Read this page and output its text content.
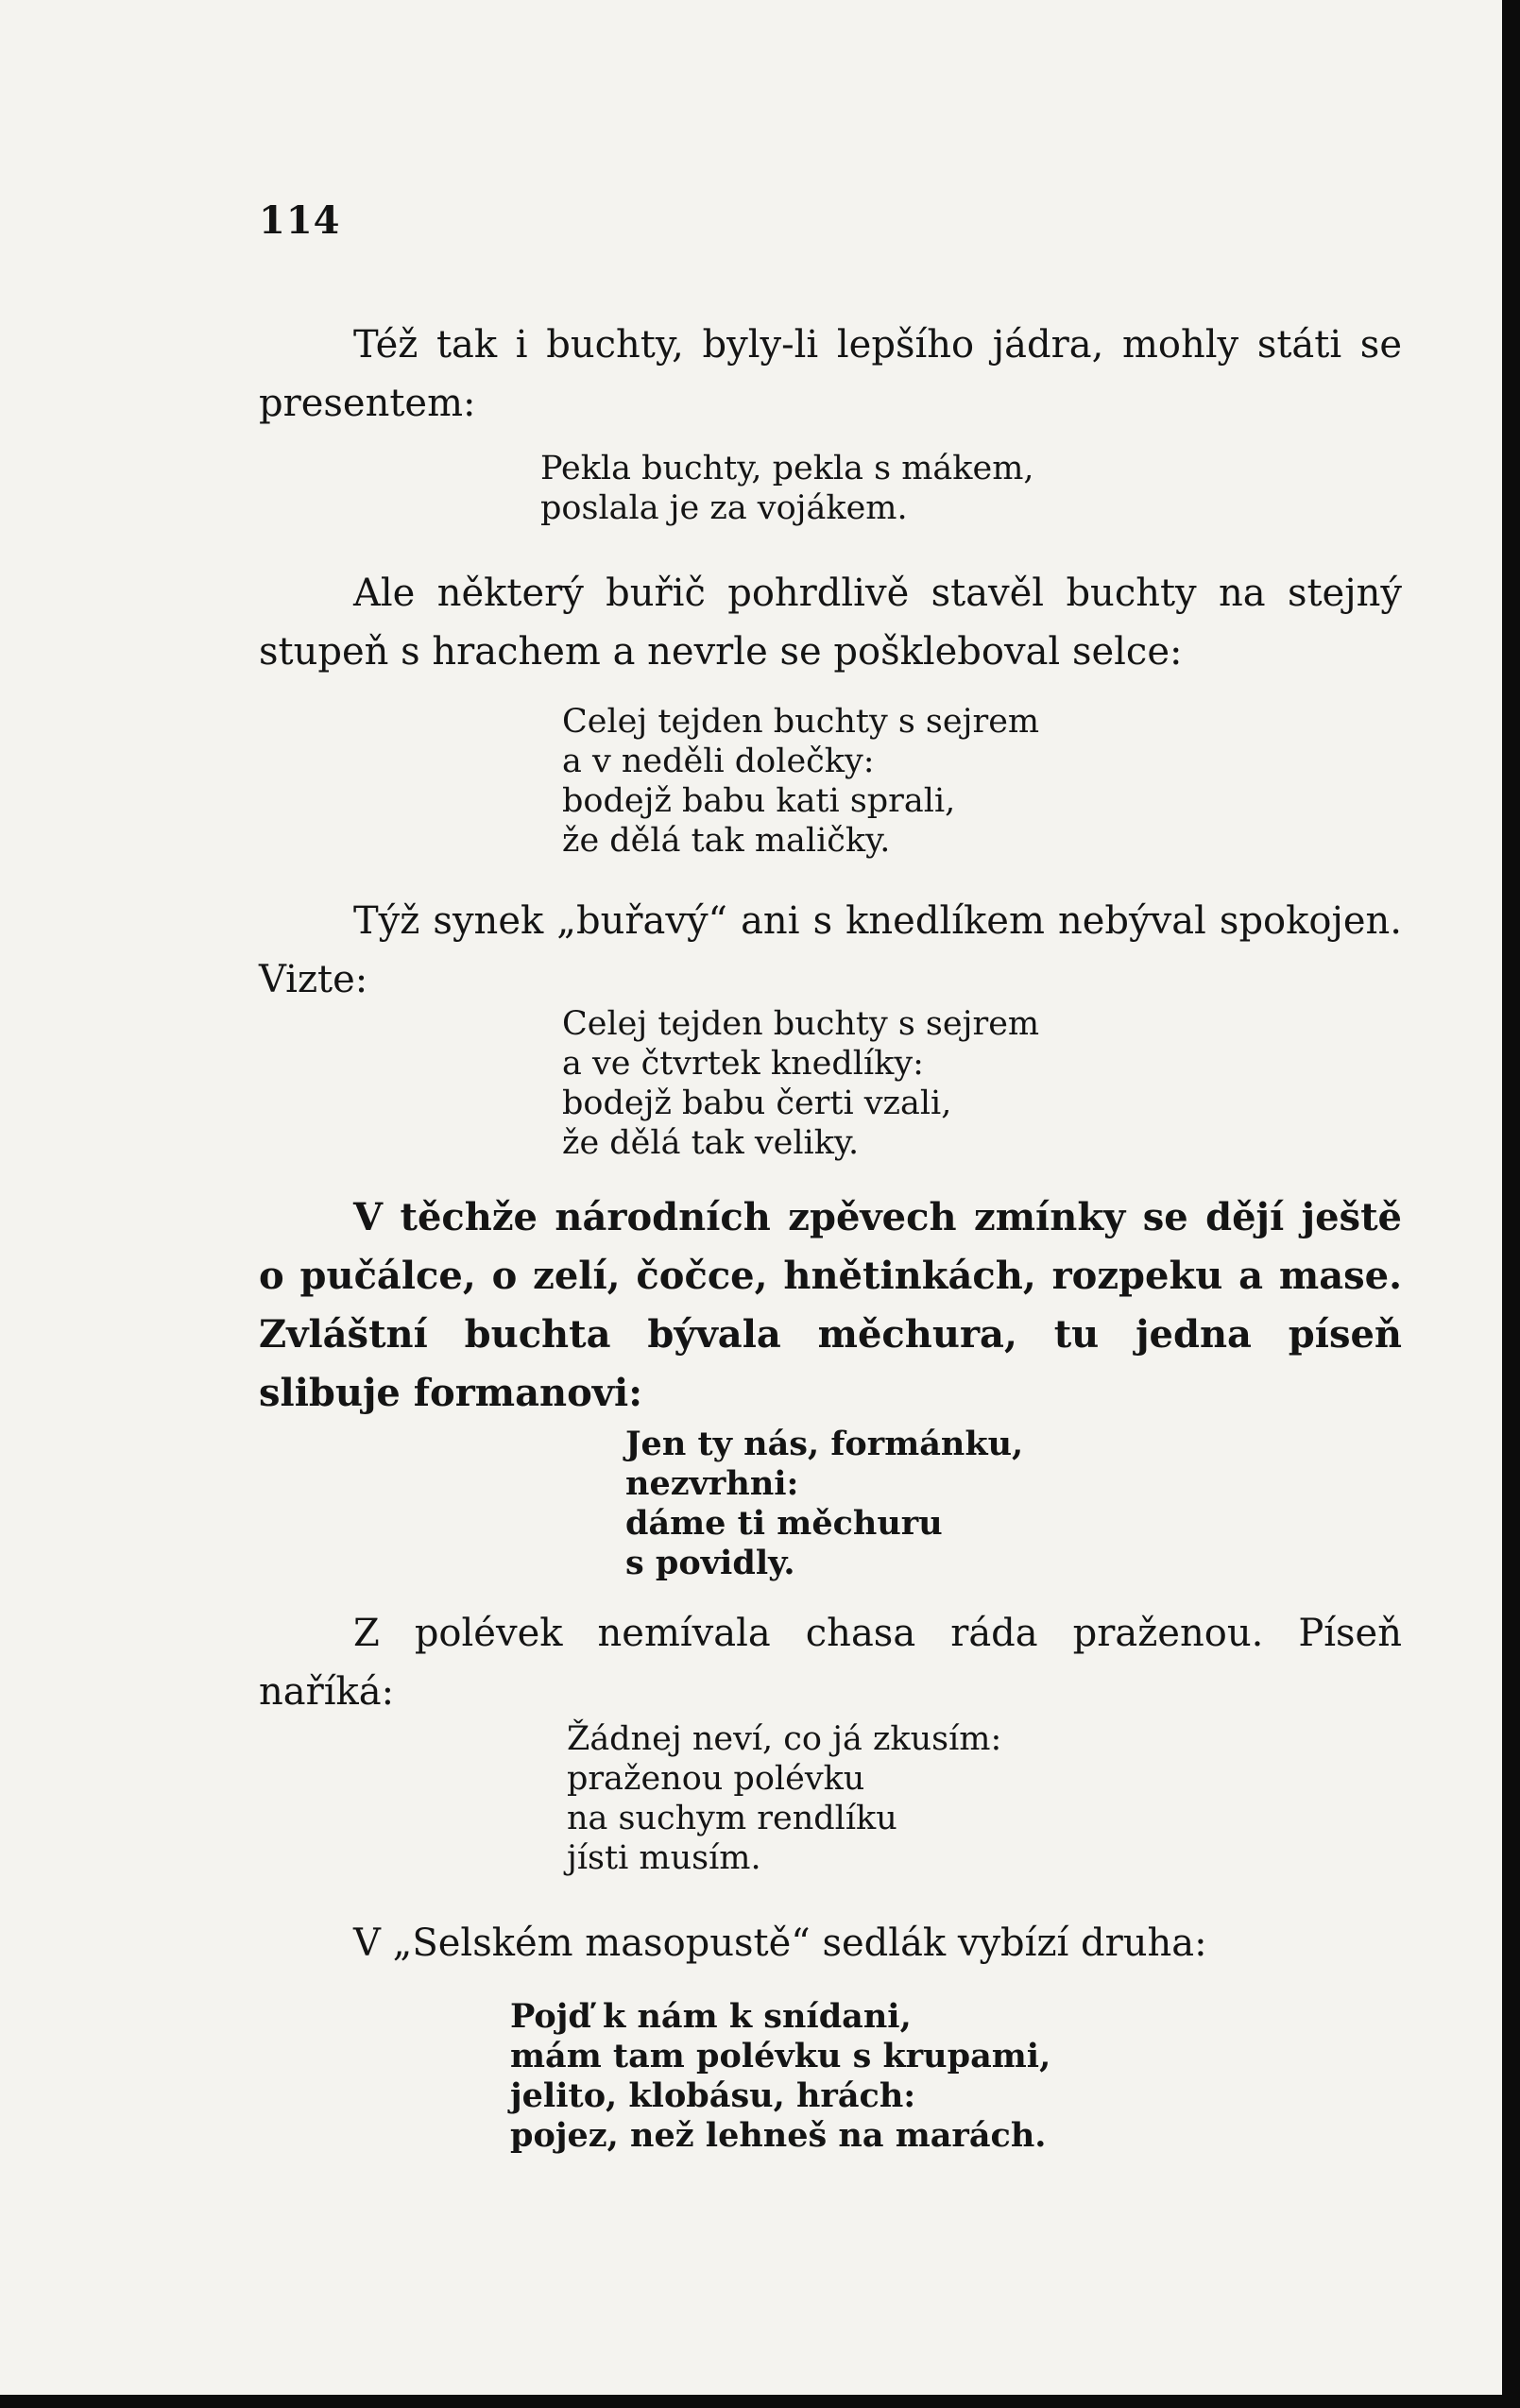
114

Též tak i buchty, byly-li lepšího jádra, mohly státi se presentem:

Pekla buchty, pekla s mákem,
poslala je za vojákem.

Ale některý buřič pohrdlivě stavěl buchty na stejný stupeň s hrachem a nevrle se pošklebоval selce:

Celej tejden buchty s sejrem
a v neděli dolečky:
bodejž babu kati sprali,
že dělá tak maličky.

Týž synek „buřavý“ ani s knedlíkem nebýval spokojen. Vizte:

Celej tejden buchty s sejrem
a ve čtvrtek knedlíky:
bodejž babu čerti vzali,
že dělá tak veliky.

V těchže národních zpěvech zmínky se dějí ještě o pučálce, o zelí, čočce, hnětinkách, rozpeku a mase. Zvláštní buchta bývala měchura, tu jedna píseň slibuje formanovi:

Jen ty nás, formánku,
nezvrhni:
dáme ti měchuru
s povidly.

Z polévek nemívala chasa ráda praženou. Píseň naříká:

Žádnej neví, co já zkusím:
praženou polévku
na suchym rendlíku
jísti musím.

V „Selském masopustě“ sedlák vybízí druha:

Pojď k nám k snídani,
mám tam polévku s krupami,
jelito, klobásu, hrách:
pojez, než lehneš na marách.
